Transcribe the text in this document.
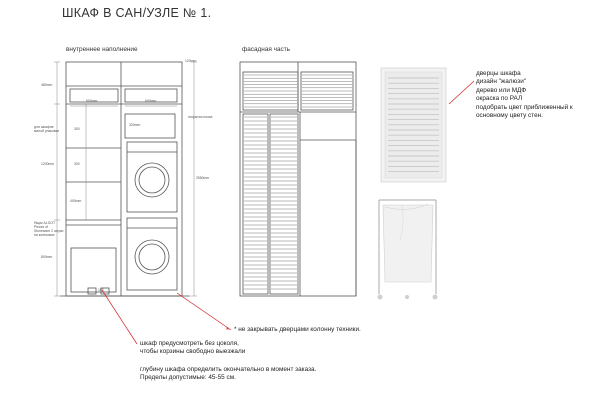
ШКАФ В САН/УЗЛЕ № 1.
внутреннее наполнение	фасадная часть
*
480mm
1200mm
800mm
120mm
2550mm
600mm	600mm
300
300
400mm
320mm
150
для шкафов малой упаковки
Ящик ALGOT Pieces of Stoneware 2 штуки на колесиках
открытая полка
дверцы шкафа
дизайн "жалюзи"
дерево или МДФ
окраска по РАЛ
подобрать цвет приближенный к
основному цвету стен.
* не закрывать дверцами колонну техники.
шкаф предусмотреть без цоколя,
чтобы корзины свободно выезжали
глубину шкафа определить окончательно в момент заказа.
Пределы допустимые: 45-55 см.
